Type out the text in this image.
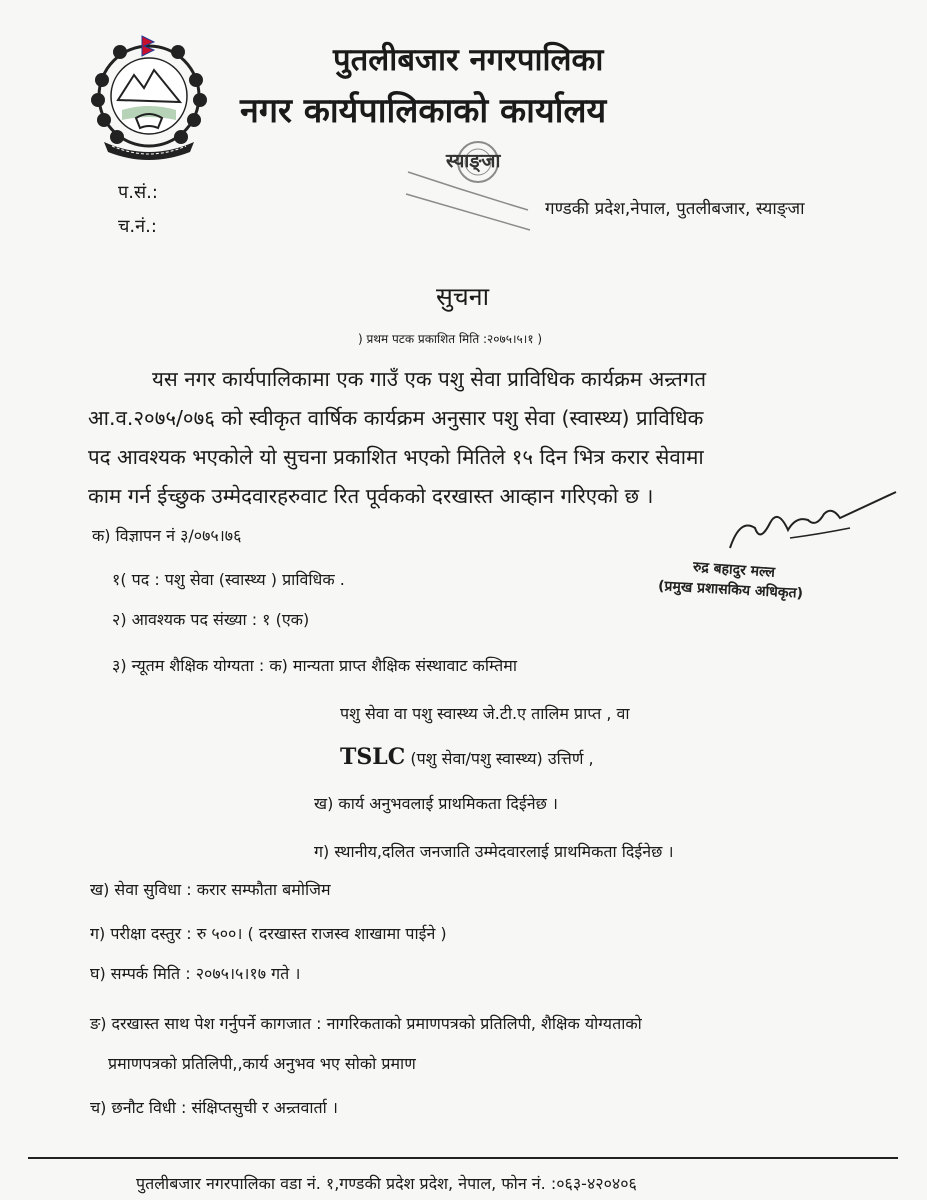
पुतलीबजार नगरपालिका
नगर कार्यपालिकाको कार्यालय
स्याङ्जा
गण्डकी प्रदेश,नेपाल, पुतलीबजार, स्याङ्जा
प.सं.:
च.नं.:
सुचना
) प्रथम पटक प्रकाशित मिति :२०७५।५।१ )
यस नगर कार्यपालिकामा एक गाउँ एक पशु सेवा प्राविधिक कार्यक्रम अन्र्तगत
आ.व.२०७५/०७६ को स्वीकृत वार्षिक कार्यक्रम अनुसार पशु सेवा (स्वास्थ्य) प्राविधिक
पद आवश्यक भएकोले यो सुचना प्रकाशित भएको मितिले १५ दिन भित्र करार सेवामा
काम गर्न ईच्छुक उम्मेदवारहरुवाट रित पूर्वकको दरखास्त आव्हान गरिएको छ ।
रुद्र बहादुर मल्ल
(प्रमुख प्रशासकिय अधिकृत)
क) विज्ञापन नं ३/०७५।७६
१( पद : पशु सेवा (स्वास्थ्य ) प्राविधिक .
२) आवश्यक पद संख्या : १ (एक)
३) न्यूतम शैक्षिक योग्यता : क) मान्यता प्राप्त शैक्षिक संस्थावाट कम्तिमा
पशु सेवा वा पशु स्वास्थ्य जे.टी.ए तालिम प्राप्त , वा
TSLC (पशु सेवा/पशु स्वास्थ्य) उत्तिर्ण ,
ख) कार्य अनुभवलाई प्राथमिकता दिईनेछ ।
ग) स्थानीय,दलित जनजाति उम्मेदवारलाई प्राथमिकता दिईनेछ ।
ख) सेवा सुविधा : करार सम्फौता बमोजिम
ग) परीक्षा दस्तुर : रु ५००। ( दरखास्त राजस्व शाखामा पाईने )
घ) सम्पर्क मिति : २०७५।५।१७ गते ।
ङ) दरखास्त साथ पेश गर्नुपर्ने कागजात : नागरिकताको प्रमाणपत्रको प्रतिलिपी, शैक्षिक योग्यताको
प्रमाणपत्रको प्रतिलिपी,,कार्य अनुभव भए सोको प्रमाण
च) छनौट विधी : संक्षिप्तसुची र अन्र्तवार्ता ।
पुतलीबजार नगरपालिका वडा नं. १,गण्डकी प्रदेश प्रदेश, नेपाल, फोन नं. :०६३-४२०४०६
